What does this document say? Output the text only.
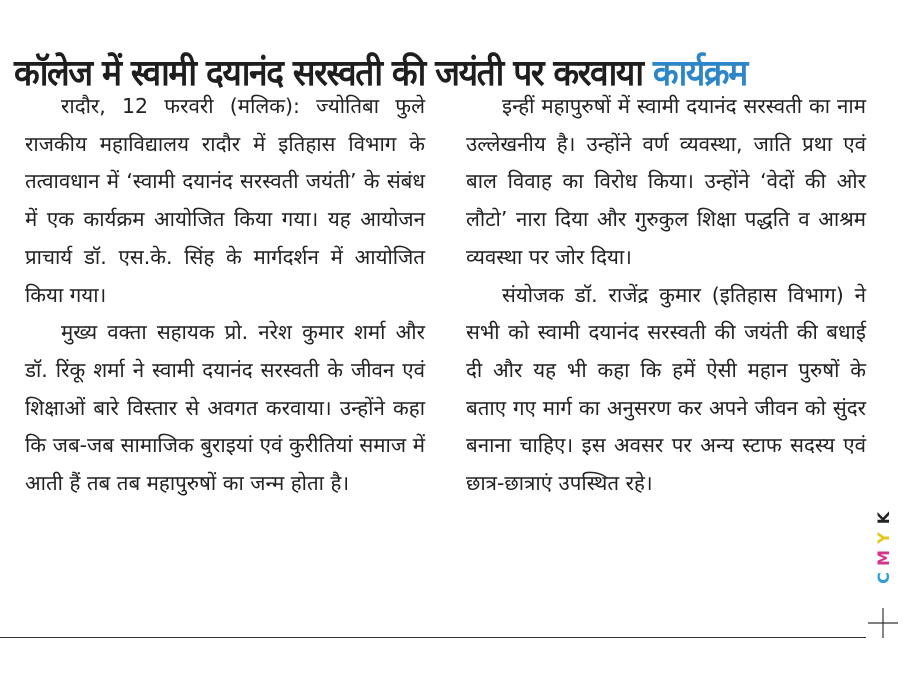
कॉलेज में स्वामी दयानंद सरस्वती की जयंती पर करवाया कार्यक्रम

रादौर, 12 फरवरी (मलिक): ज्योतिबा फुले राजकीय महाविद्यालय रादौर में इतिहास विभाग के तत्वावधान में ‘स्वामी दयानंद सरस्वती जयंती’ के संबंध में एक कार्यक्रम आयोजित किया गया। यह आयोजन प्राचार्य डॉ. एस.के. सिंह के मार्गदर्शन में आयोजित किया गया।

मुख्य वक्ता सहायक प्रो. नरेश कुमार शर्मा और डॉ. रिंकू शर्मा ने स्वामी दयानंद सरस्वती के जीवन एवं शिक्षाओं बारे विस्तार से अवगत करवाया। उन्होंने कहा कि जब-जब सामाजिक बुराइयां एवं कुरीतियां समाज में आती हैं तब तब महापुरुषों का जन्म होता है।

इन्हीं महापुरुषों में स्वामी दयानंद सरस्वती का नाम उल्लेखनीय है। उन्होंने वर्ण व्यवस्था, जाति प्रथा एवं बाल विवाह का विरोध किया। उन्होंने ‘वेदों की ओर लौटो’ नारा दिया और गुरुकुल शिक्षा पद्धति व आश्रम व्यवस्था पर जोर दिया।

संयोजक डॉ. राजेंद्र कुमार (इतिहास विभाग) ने सभी को स्वामी दयानंद सरस्वती की जयंती की बधाई दी और यह भी कहा कि हमें ऐसी महान पुरुषों के बताए गए मार्ग का अनुसरण कर अपने जीवन को सुंदर बनाना चाहिए। इस अवसर पर अन्य स्टाफ सदस्य एवं छात्र-छात्राएं उपस्थित रहे।

K
Y
M
C
